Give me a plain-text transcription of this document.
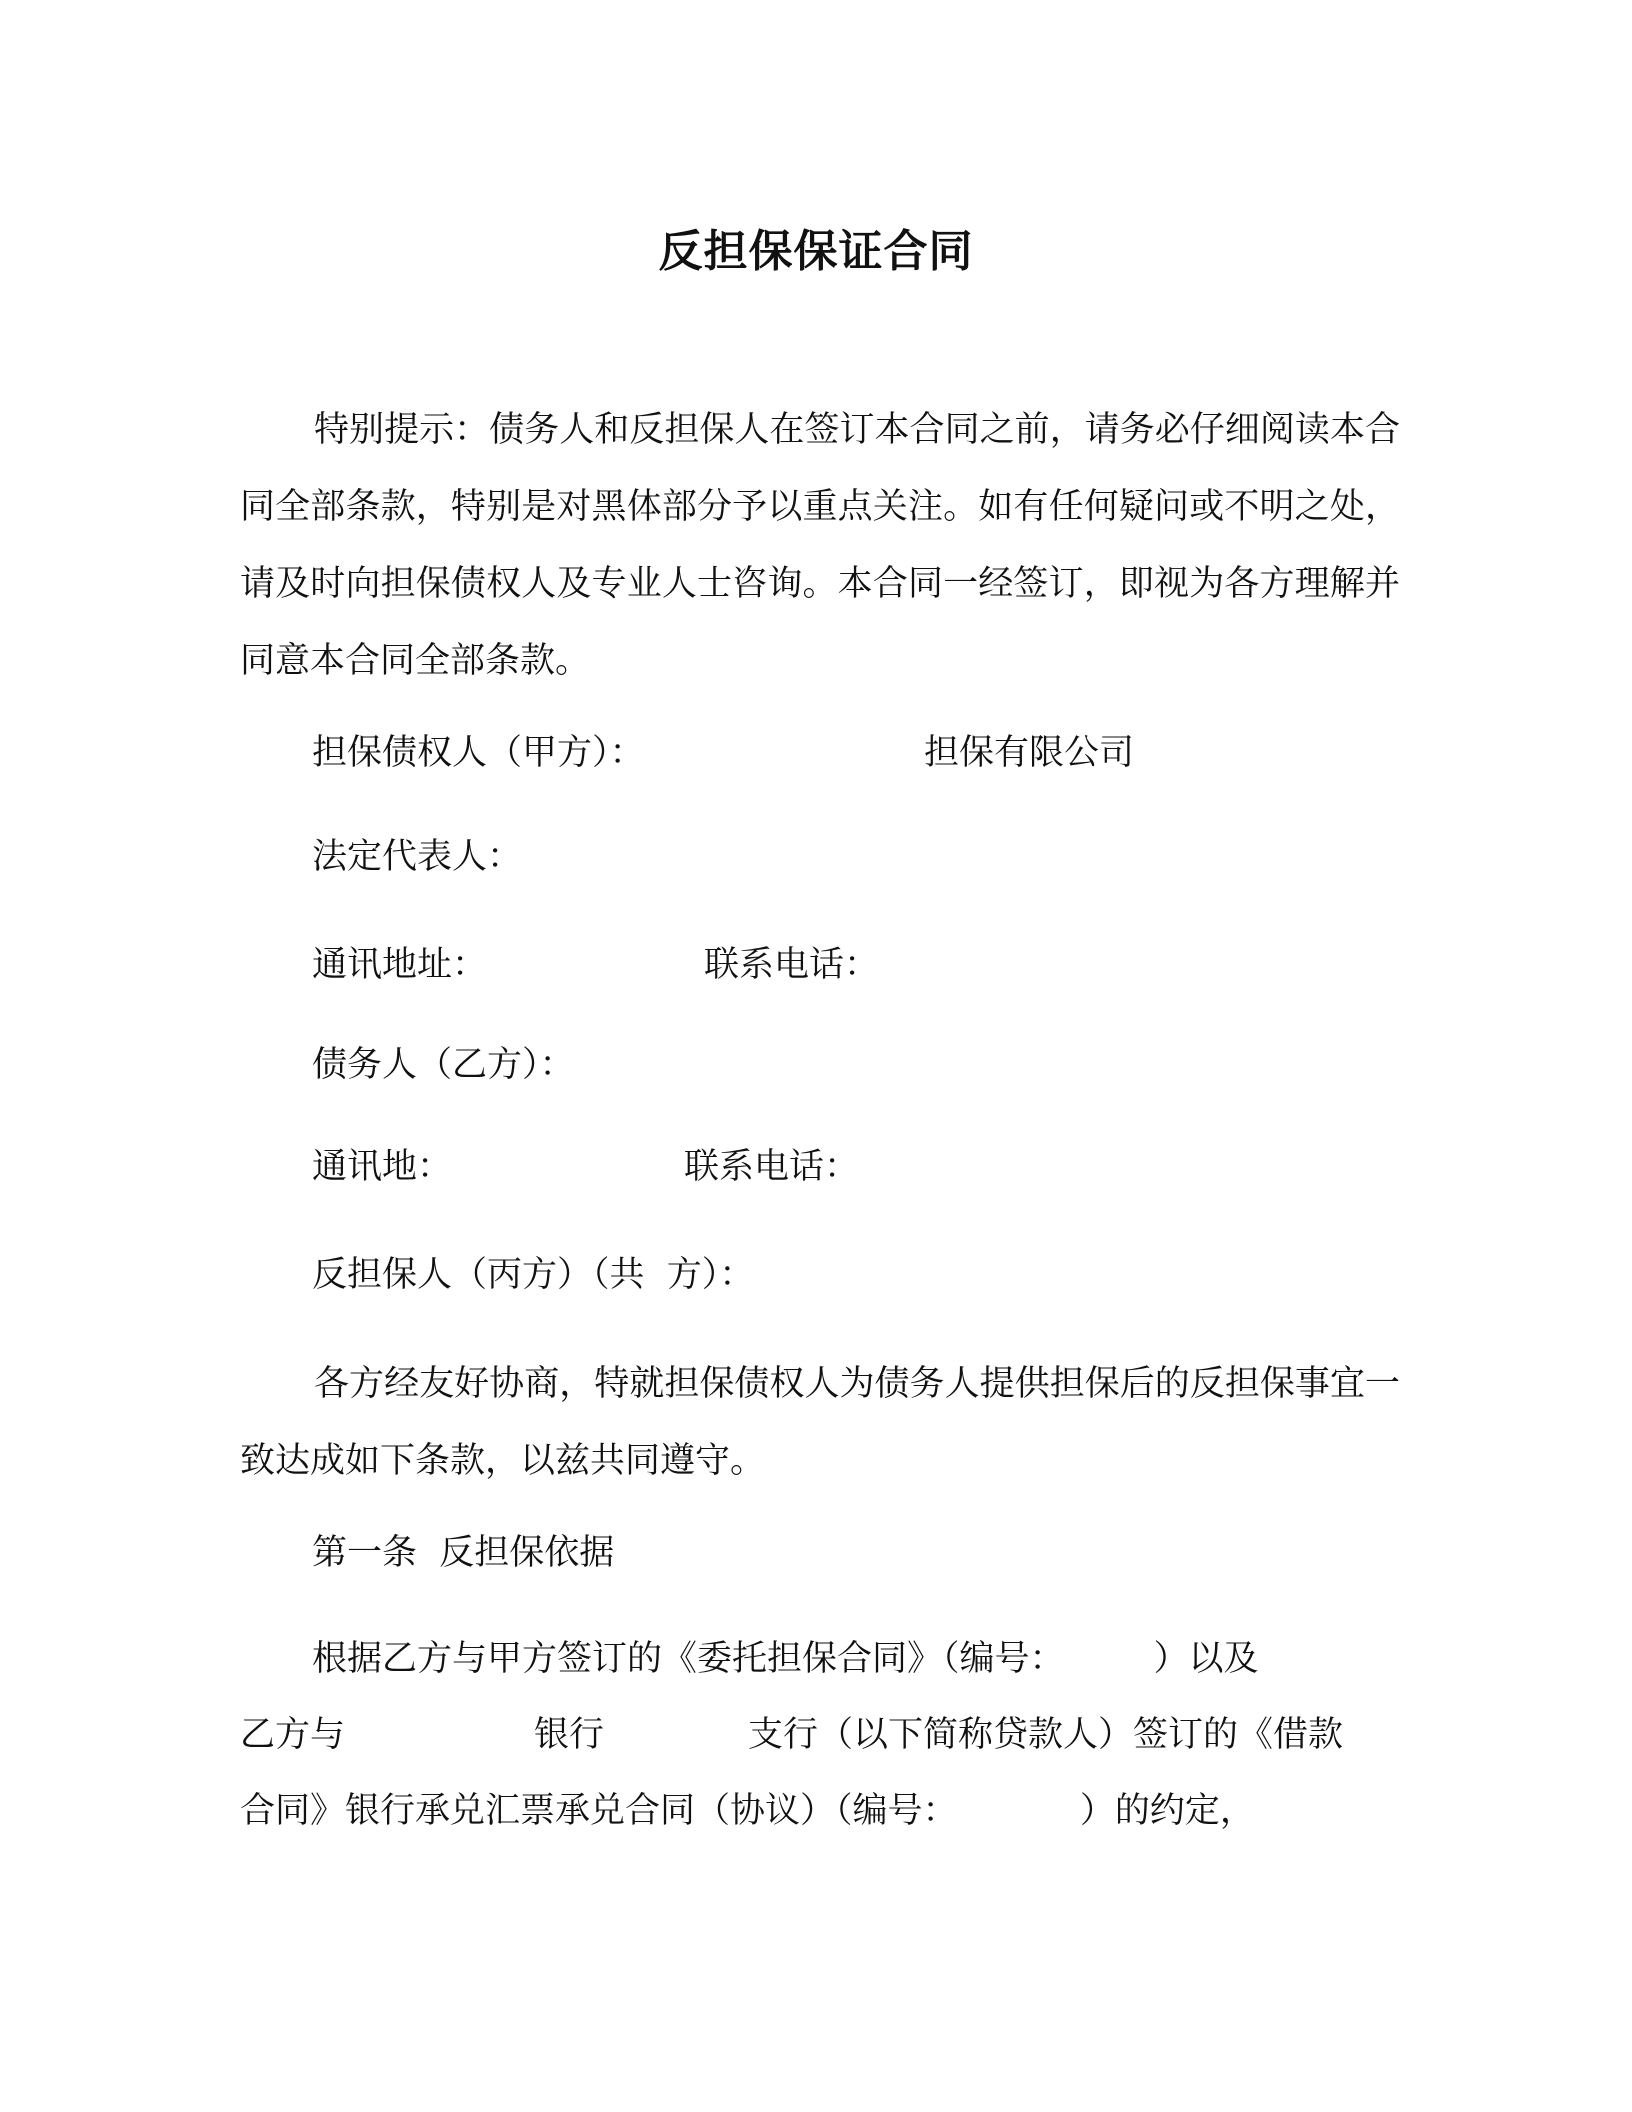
反担保保证合同
特别提示：债务人和反担保人在签订本合同之前，请务必仔细阅读本合同全部条款，特别是对黑体部分予以重点关注。如有任何疑问或不明之处，请及时向担保债权人及专业人士咨询。本合同一经签订，即视为各方理解并同意本合同全部条款。
担保债权人（甲方）：	担保有限公司
法定代表人：
通讯地址：	联系电话：
债务人（乙方）：
通讯地：	联系电话：
反担保人（丙方）（共  方）：
各方经友好协商，特就担保债权人为债务人提供担保后的反担保事宜一致达成如下条款，以兹共同遵守。
第一条  反担保依据
根据乙方与甲方签订的《委托担保合同》（编号：        ）以及
乙方与	银行	支行（以下简称贷款人）签订的《借款
合同》银行承兑汇票承兑合同（协议）（编号：           ）的约定，
